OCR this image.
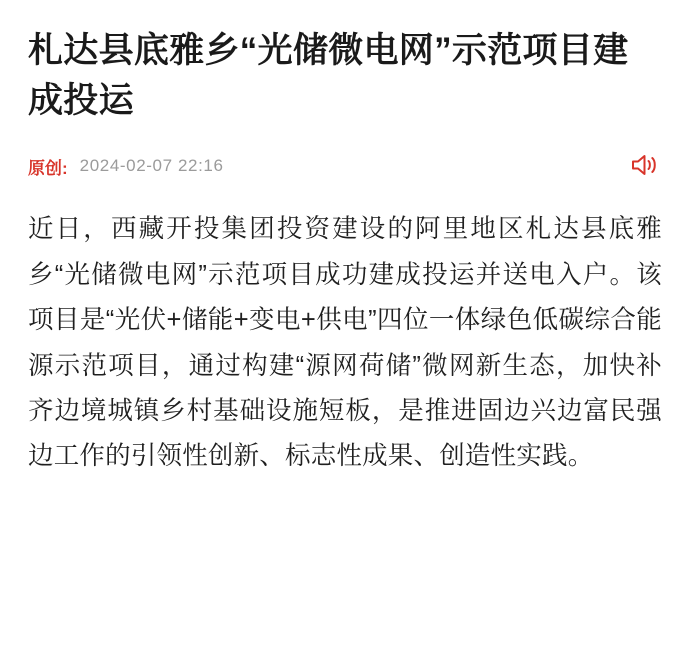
札达县底雅乡“光储微电网”示范项目建成投运
原创: 2024-02-07 22:16

近日，西藏开投集团投资建设的阿里地区札达县底雅乡“光储微电网”示范项目成功建成投运并送电入户。该项目是“光伏+储能+变电+供电”四位一体绿色低碳综合能源示范项目，通过构建“源网荷储”微网新生态，加快补齐边境城镇乡村基础设施短板，是推进固边兴边富民强边工作的引领性创新、标志性成果、创造性实践。
